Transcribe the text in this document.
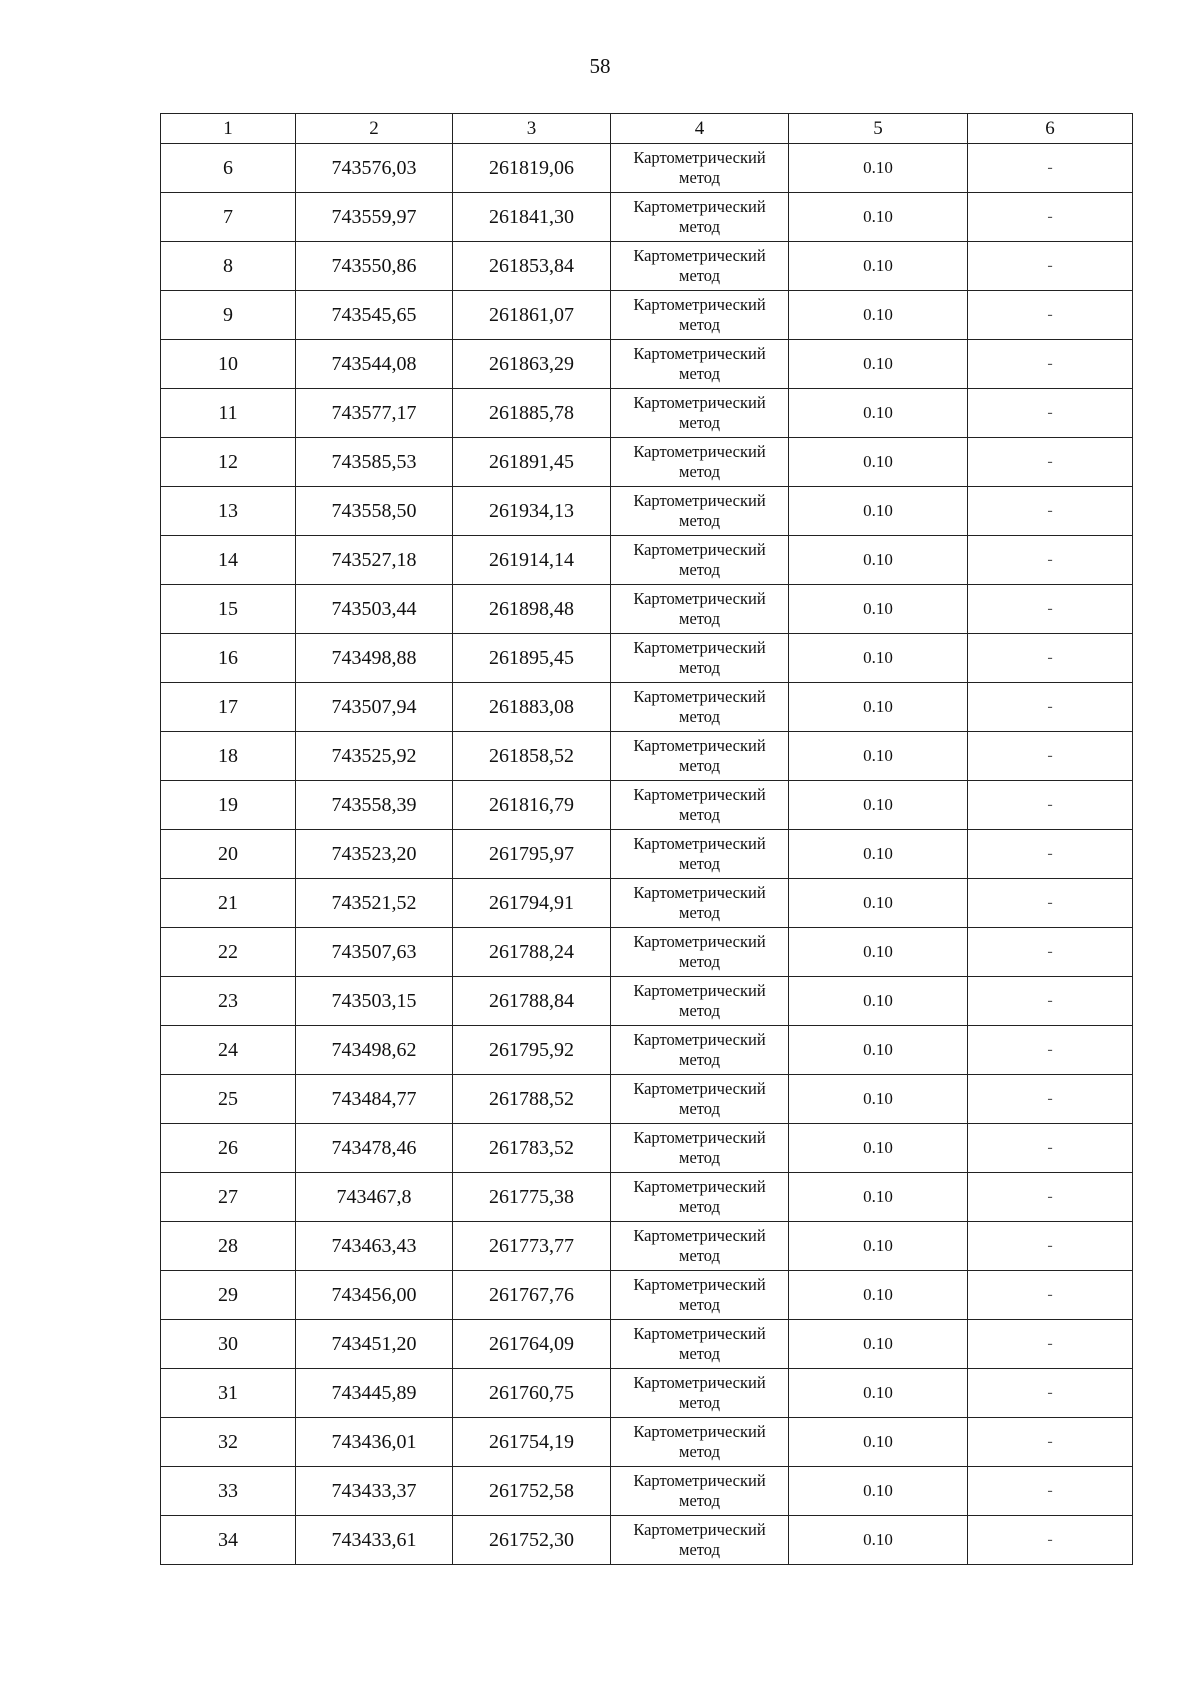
58
1	2	3	4	5	6
6	743576,03	261819,06	Картометрический метод	0.10	-
7	743559,97	261841,30	Картометрический метод	0.10	-
8	743550,86	261853,84	Картометрический метод	0.10	-
9	743545,65	261861,07	Картометрический метод	0.10	-
10	743544,08	261863,29	Картометрический метод	0.10	-
11	743577,17	261885,78	Картометрический метод	0.10	-
12	743585,53	261891,45	Картометрический метод	0.10	-
13	743558,50	261934,13	Картометрический метод	0.10	-
14	743527,18	261914,14	Картометрический метод	0.10	-
15	743503,44	261898,48	Картометрический метод	0.10	-
16	743498,88	261895,45	Картометрический метод	0.10	-
17	743507,94	261883,08	Картометрический метод	0.10	-
18	743525,92	261858,52	Картометрический метод	0.10	-
19	743558,39	261816,79	Картометрический метод	0.10	-
20	743523,20	261795,97	Картометрический метод	0.10	-
21	743521,52	261794,91	Картометрический метод	0.10	-
22	743507,63	261788,24	Картометрический метод	0.10	-
23	743503,15	261788,84	Картометрический метод	0.10	-
24	743498,62	261795,92	Картометрический метод	0.10	-
25	743484,77	261788,52	Картометрический метод	0.10	-
26	743478,46	261783,52	Картометрический метод	0.10	-
27	743467,8	261775,38	Картометрический метод	0.10	-
28	743463,43	261773,77	Картометрический метод	0.10	-
29	743456,00	261767,76	Картометрический метод	0.10	-
30	743451,20	261764,09	Картометрический метод	0.10	-
31	743445,89	261760,75	Картометрический метод	0.10	-
32	743436,01	261754,19	Картометрический метод	0.10	-
33	743433,37	261752,58	Картометрический метод	0.10	-
34	743433,61	261752,30	Картометрический метод	0.10	-
